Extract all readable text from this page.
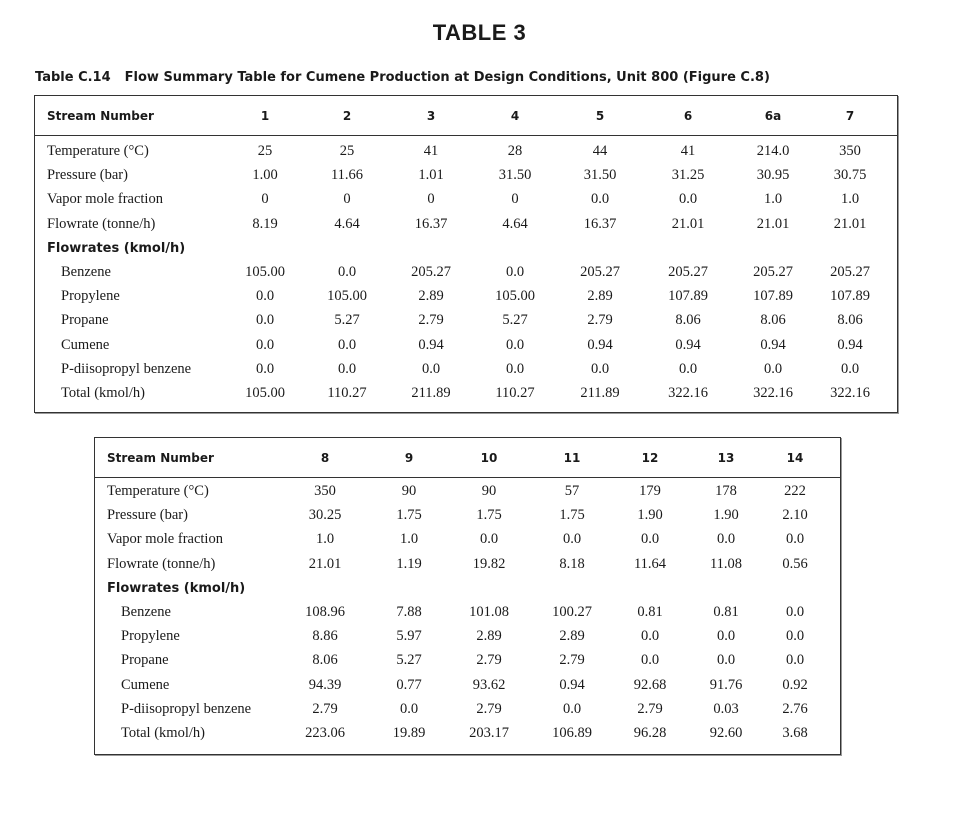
TABLE 3
Table C.14 Flow Summary Table for Cumene Production at Design Conditions, Unit 800 (Figure C.8)
Stream Number	1	2	3	4	5	6	6a	7
Temperature (°C)	25	25	41	28	44	41	214.0	350
Pressure (bar)	1.00	11.66	1.01	31.50	31.50	31.25	30.95	30.75
Vapor mole fraction	0	0	0	0	0.0	0.0	1.0	1.0
Flowrate (tonne/h)	8.19	4.64	16.37	4.64	16.37	21.01	21.01	21.01
Flowrates (kmol/h)
Benzene	105.00	0.0	205.27	0.0	205.27	205.27	205.27	205.27
Propylene	0.0	105.00	2.89	105.00	2.89	107.89	107.89	107.89
Propane	0.0	5.27	2.79	5.27	2.79	8.06	8.06	8.06
Cumene	0.0	0.0	0.94	0.0	0.94	0.94	0.94	0.94
P-diisopropyl benzene	0.0	0.0	0.0	0.0	0.0	0.0	0.0	0.0
Total (kmol/h)	105.00	110.27	211.89	110.27	211.89	322.16	322.16	322.16
Stream Number	8	9	10	11	12	13	14
Temperature (°C)	350	90	90	57	179	178	222
Pressure (bar)	30.25	1.75	1.75	1.75	1.90	1.90	2.10
Vapor mole fraction	1.0	1.0	0.0	0.0	0.0	0.0	0.0
Flowrate (tonne/h)	21.01	1.19	19.82	8.18	11.64	11.08	0.56
Flowrates (kmol/h)
Benzene	108.96	7.88	101.08	100.27	0.81	0.81	0.0
Propylene	8.86	5.97	2.89	2.89	0.0	0.0	0.0
Propane	8.06	5.27	2.79	2.79	0.0	0.0	0.0
Cumene	94.39	0.77	93.62	0.94	92.68	91.76	0.92
P-diisopropyl benzene	2.79	0.0	2.79	0.0	2.79	0.03	2.76
Total (kmol/h)	223.06	19.89	203.17	106.89	96.28	92.60	3.68
